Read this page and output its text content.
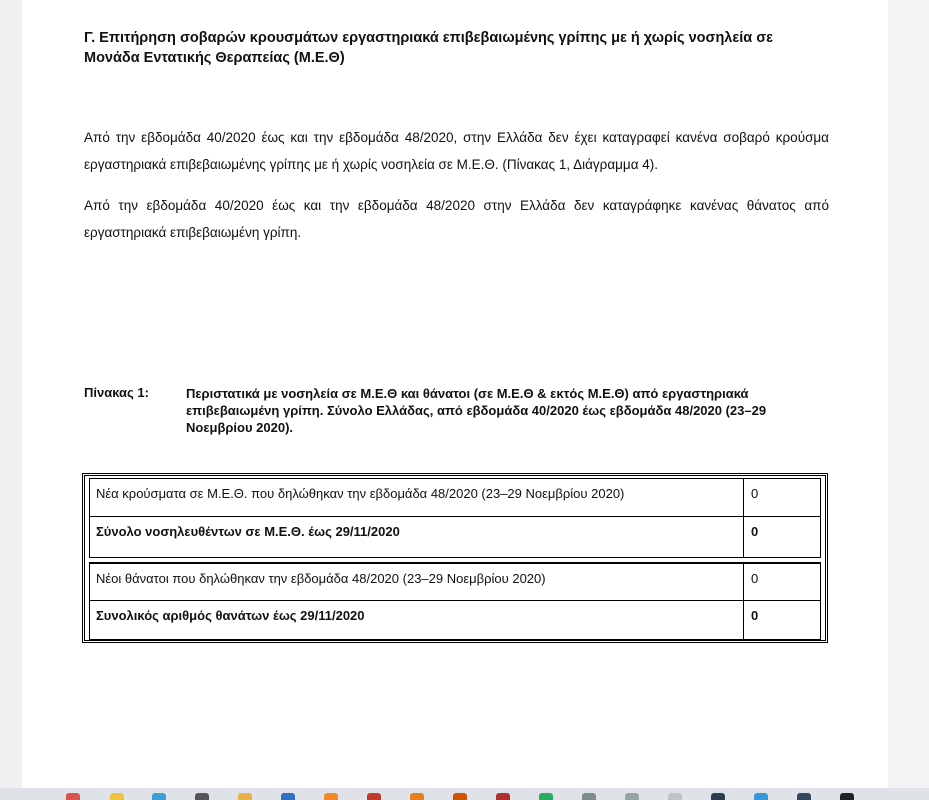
Γ. Επιτήρηση σοβαρών κρουσμάτων εργαστηριακά επιβεβαιωμένης γρίπης με ή χωρίς νοσηλεία σε Μονάδα Εντατικής Θεραπείας (Μ.Ε.Θ)
Από την εβδομάδα 40/2020 έως και την εβδομάδα 48/2020, στην Ελλάδα δεν έχει καταγραφεί κανένα σοβαρό κρούσμα εργαστηριακά επιβεβαιωμένης γρίπης με ή χωρίς νοσηλεία σε Μ.Ε.Θ. (Πίνακας 1, Διάγραμμα 4).
Από την εβδομάδα 40/2020 έως και την εβδομάδα 48/2020 στην Ελλάδα δεν καταγράφηκε κανένας θάνατος από εργαστηριακά επιβεβαιωμένη γρίπη.
Πίνακας 1:	Περιστατικά με νοσηλεία σε Μ.Ε.Θ και θάνατοι (σε Μ.Ε.Θ & εκτός Μ.Ε.Θ) από εργαστηριακά επιβεβαιωμένη γρίπη. Σύνολο Ελλάδας, από εβδομάδα 40/2020 έως εβδομάδα 48/2020 (23–29 Νοεμβρίου 2020).
Νέα κρούσματα σε Μ.Ε.Θ. που δηλώθηκαν την εβδομάδα 48/2020 (23–29 Νοεμβρίου 2020)	0
Σύνολο νοσηλευθέντων σε Μ.Ε.Θ. έως 29/11/2020	0
Νέοι θάνατοι που δηλώθηκαν την εβδομάδα 48/2020 (23–29 Νοεμβρίου 2020)	0
Συνολικός αριθμός θανάτων έως 29/11/2020	0
